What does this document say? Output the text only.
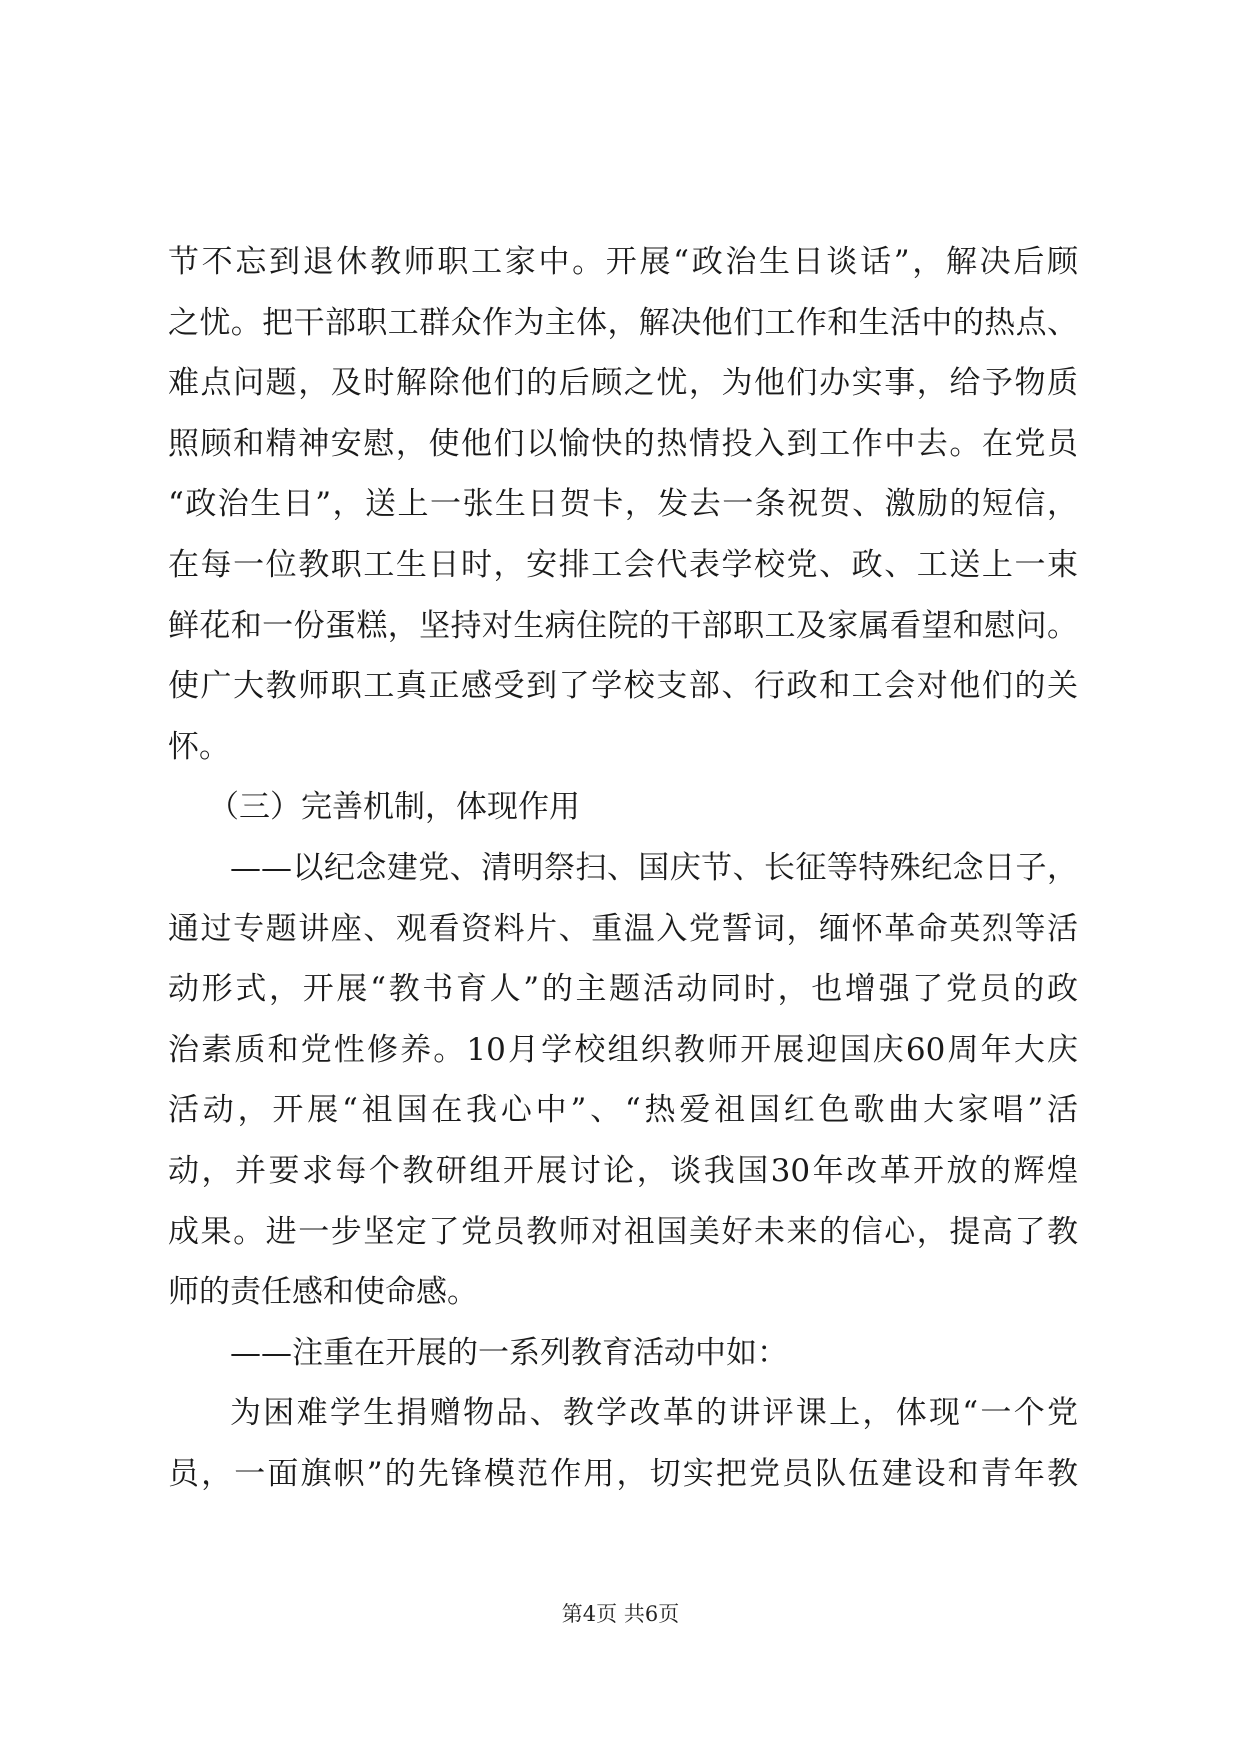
节不忘到退休教师职工家中。开展“政治生日谈话”，解决后顾
之忧。把干部职工群众作为主体，解决他们工作和生活中的热点、
难点问题，及时解除他们的后顾之忧，为他们办实事，给予物质
照顾和精神安慰，使他们以愉快的热情投入到工作中去。在党员
“政治生日”，送上一张生日贺卡，发去一条祝贺、激励的短信，
在每一位教职工生日时，安排工会代表学校党、政、工送上一束
鲜花和一份蛋糕，坚持对生病住院的干部职工及家属看望和慰问。
使广大教师职工真正感受到了学校支部、行政和工会对他们的关
怀。
（三）完善机制，体现作用
——以纪念建党、清明祭扫、国庆节、长征等特殊纪念日子，
通过专题讲座、观看资料片、重温入党誓词，缅怀革命英烈等活
动形式，开展“教书育人”的主题活动同时，也增强了党员的政
治素质和党性修养。10月学校组织教师开展迎国庆60周年大庆
活动，开展“祖国在我心中”、“热爱祖国红色歌曲大家唱”活
动，并要求每个教研组开展讨论，谈我国30年改革开放的辉煌
成果。进一步坚定了党员教师对祖国美好未来的信心，提高了教
师的责任感和使命感。
——注重在开展的一系列教育活动中如：
为困难学生捐赠物品、教学改革的讲评课上，体现“一个党
员，一面旗帜”的先锋模范作用，切实把党员队伍建设和青年教
第4页 共6页
